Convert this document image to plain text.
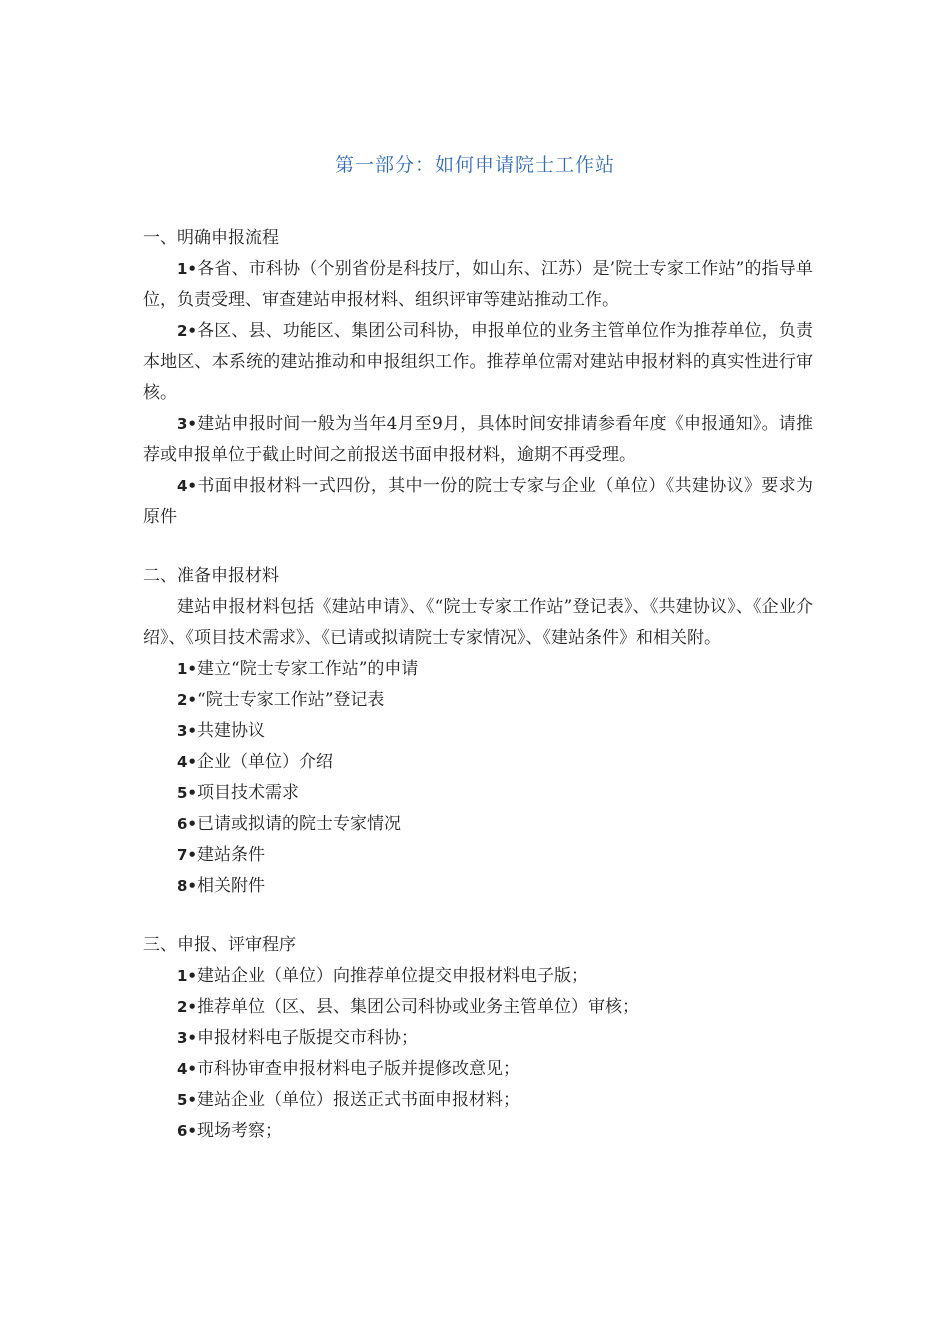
第一部分：如何申请院士工作站

一、明确申报流程

1•各省、市科协（个别省份是科技厅，如山东、江苏）是’院士专家工作站”的指导单位，负责受理、审查建站申报材料、组织评审等建站推动工作。

2•各区、县、功能区、集团公司科协，申报单位的业务主管单位作为推荐单位，负责本地区、本系统的建站推动和申报组织工作。推荐单位需对建站申报材料的真实性进行审核。

3•建站申报时间一般为当年4月至9月，具体时间安排请参看年度《申报通知》。请推荐或申报单位于截止时间之前报送书面申报材料，逾期不再受理。

4•书面申报材料一式四份，其中一份的院士专家与企业（单位）《共建协议》要求为原件

二、准备申报材料

建站申报材料包括《建站申请》、《“院士专家工作站”登记表》、《共建协议》、《企业介绍》、《项目技术需求》、《已请或拟请院士专家情况》、《建站条件》和相关附。

1•建立“院士专家工作站”的申请

2•“院士专家工作站”登记表

3•共建协议

4•企业（单位）介绍

5•项目技术需求

6•已请或拟请的院士专家情况

7•建站条件

8•相关附件

三、申报、评审程序

1•建站企业（单位）向推荐单位提交申报材料电子版；

2•推荐单位（区、县、集团公司科协或业务主管单位）审核；

3•申报材料电子版提交市科协；

4•市科协审查申报材料电子版并提修改意见；

5•建站企业（单位）报送正式书面申报材料；

6•现场考察；
